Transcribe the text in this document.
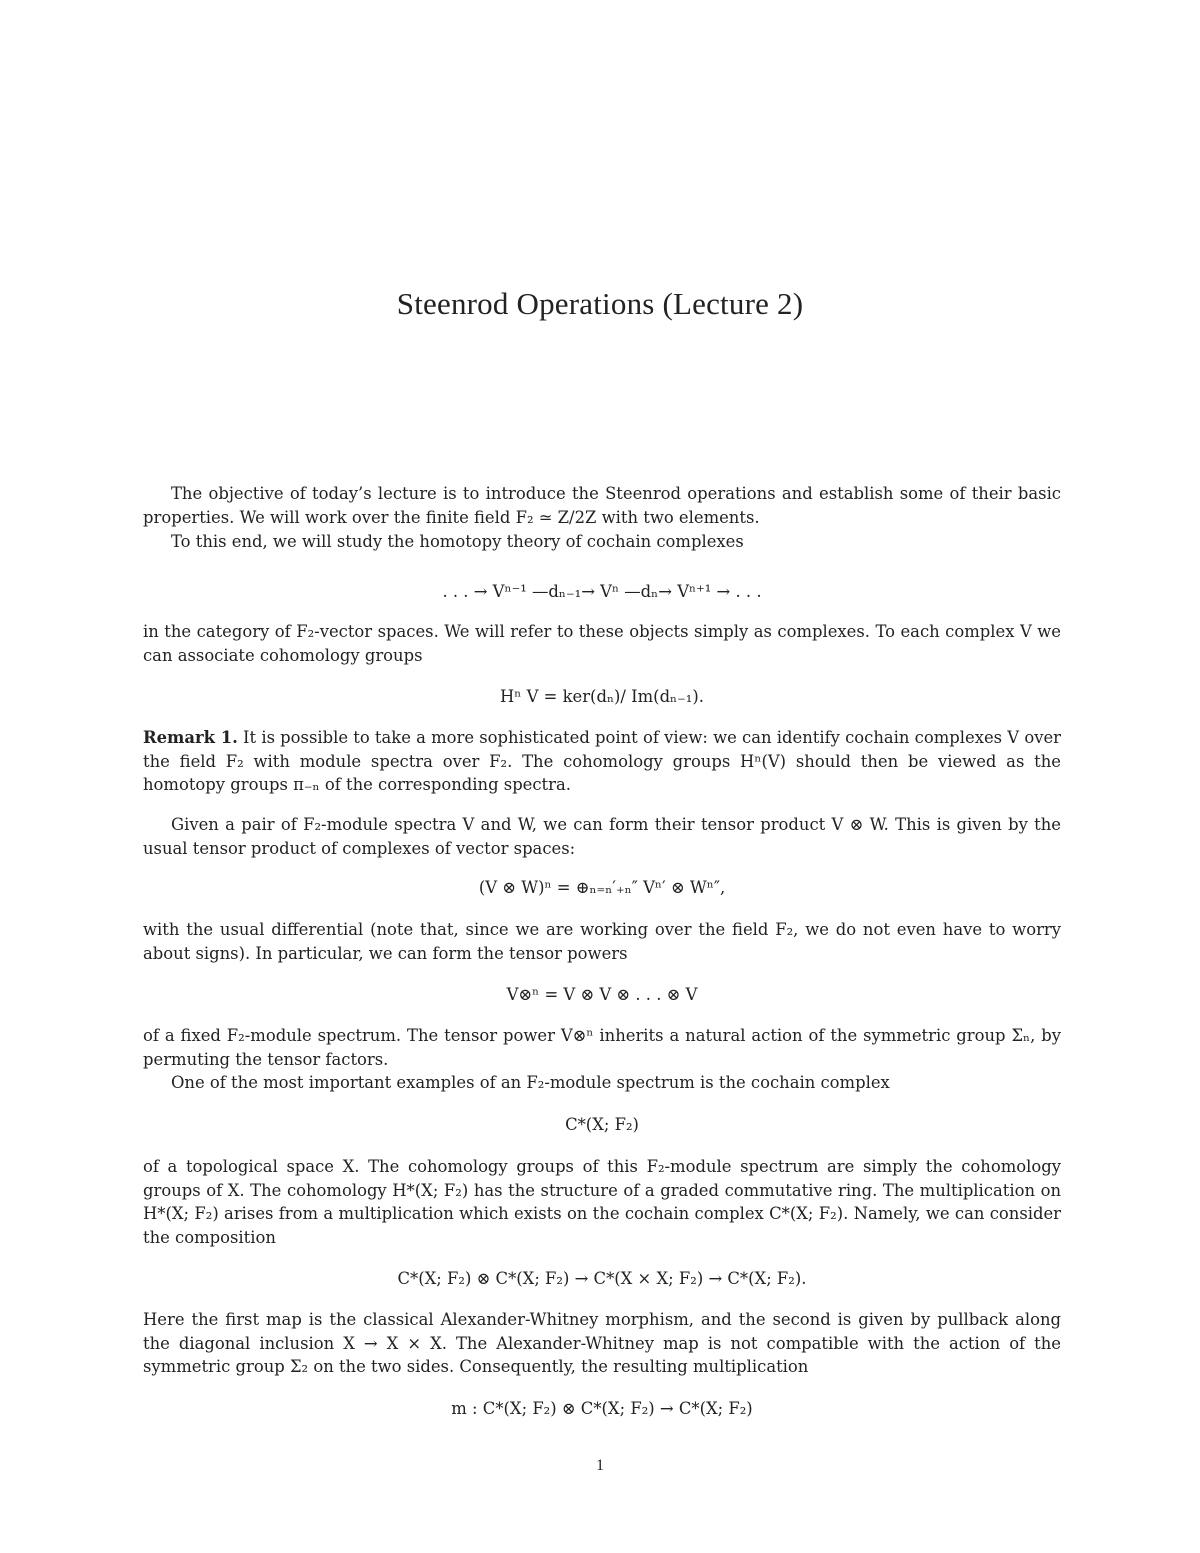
Steenrod Operations (Lecture 2)
The objective of today’s lecture is to introduce the Steenrod operations and establish some of their basic properties. We will work over the finite field F₂ ≃ Z/2Z with two elements.
To this end, we will study the homotopy theory of cochain complexes
. . . → Vⁿ⁻¹ —dₙ₋₁→ Vⁿ —dₙ→ Vⁿ⁺¹ → . . .
in the category of F₂-vector spaces. We will refer to these objects simply as complexes. To each complex V we can associate cohomology groups
Hⁿ V = ker(dₙ)/ Im(dₙ₋₁).
Remark 1. It is possible to take a more sophisticated point of view: we can identify cochain complexes V over the field F₂ with module spectra over F₂. The cohomology groups Hⁿ(V) should then be viewed as the homotopy groups π₋ₙ of the corresponding spectra.
Given a pair of F₂-module spectra V and W, we can form their tensor product V ⊗ W. This is given by the usual tensor product of complexes of vector spaces:
(V ⊗ W)ⁿ = ⊕ₙ₌ₙ′₊ₙ″ Vⁿ′ ⊗ Wⁿ″,
with the usual differential (note that, since we are working over the field F₂, we do not even have to worry about signs). In particular, we can form the tensor powers
V⊗ⁿ = V ⊗ V ⊗ . . . ⊗ V
of a fixed F₂-module spectrum. The tensor power V⊗ⁿ inherits a natural action of the symmetric group Σₙ, by permuting the tensor factors.
One of the most important examples of an F₂-module spectrum is the cochain complex
C*(X; F₂)
of a topological space X. The cohomology groups of this F₂-module spectrum are simply the cohomology groups of X. The cohomology H*(X; F₂) has the structure of a graded commutative ring. The multiplication on H*(X; F₂) arises from a multiplication which exists on the cochain complex C*(X; F₂). Namely, we can consider the composition
C*(X; F₂) ⊗ C*(X; F₂) → C*(X × X; F₂) → C*(X; F₂).
Here the first map is the classical Alexander-Whitney morphism, and the second is given by pullback along the diagonal inclusion X → X × X. The Alexander-Whitney map is not compatible with the action of the symmetric group Σ₂ on the two sides. Consequently, the resulting multiplication
m : C*(X; F₂) ⊗ C*(X; F₂) → C*(X; F₂)
1
